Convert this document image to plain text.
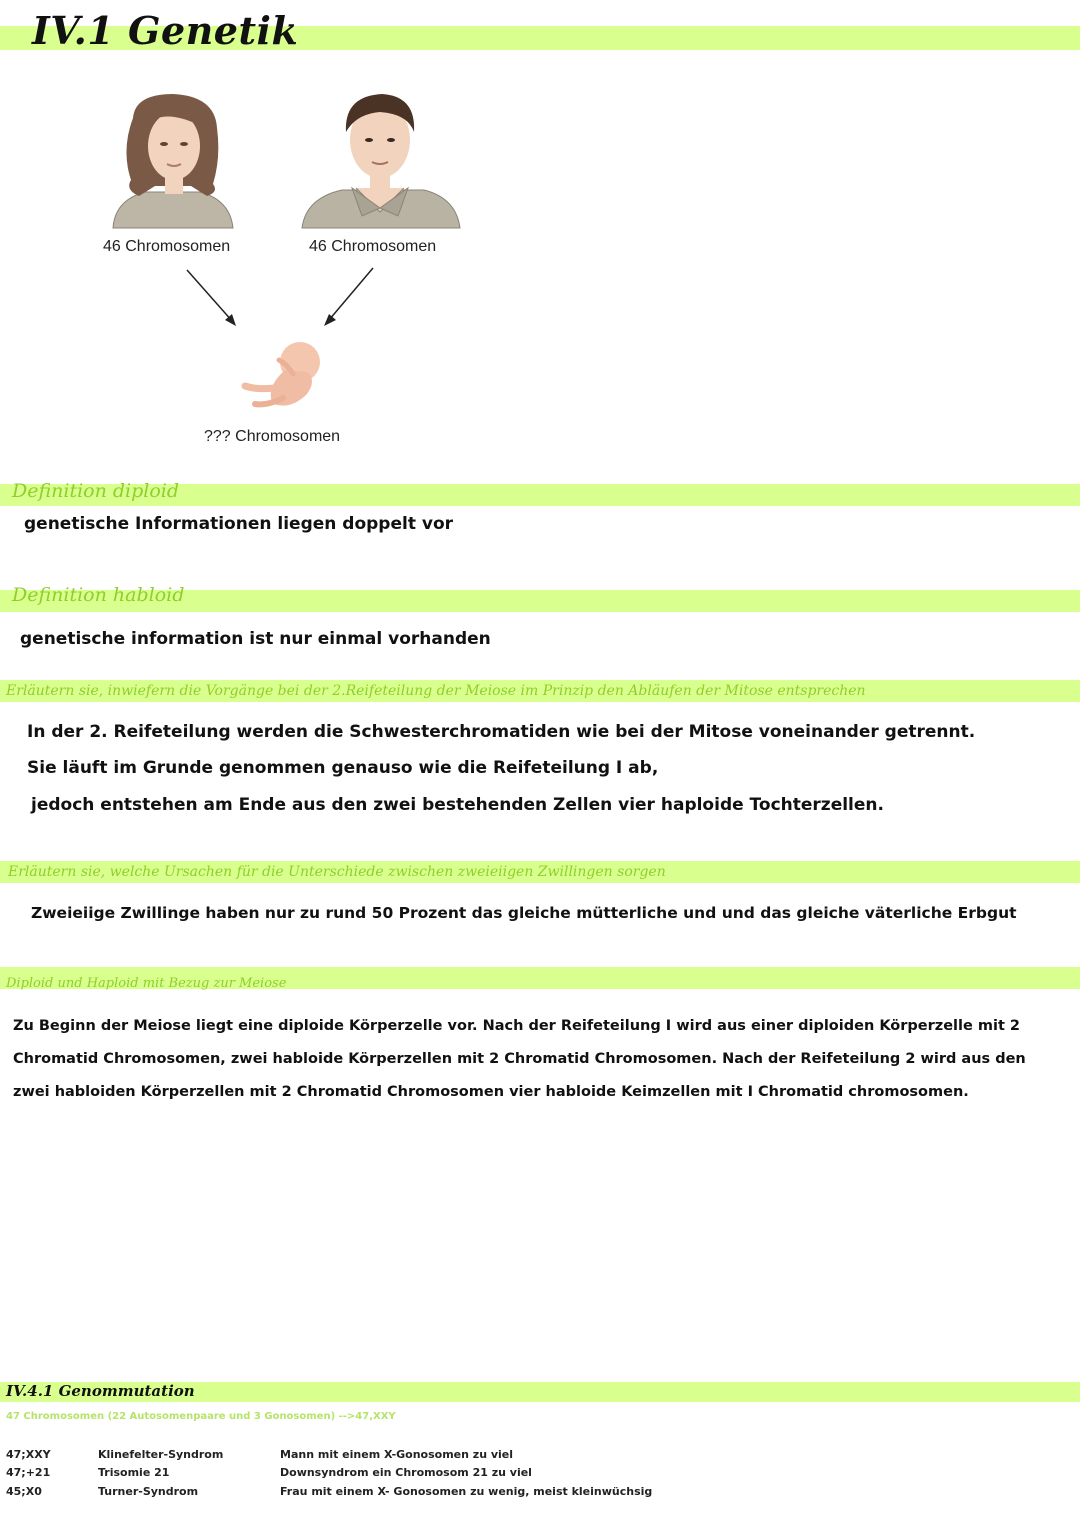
IV.1 Genetik
46 Chromosomen	46 Chromosomen
??? Chromosomen
Definition diploid
genetische Informationen liegen doppelt vor
Definition habloid
genetische information ist nur einmal vorhanden
Erläutern sie, inwiefern die Vorgänge bei der 2.Reifeteilung der Meiose im Prinzip den Abläufen der Mitose entsprechen
In der 2. Reifeteilung werden die Schwesterchromatiden wie bei der Mitose voneinander getrennt.
Sie läuft im Grunde genommen genauso wie die Reifeteilung I ab,
jedoch entstehen am Ende aus den zwei bestehenden Zellen vier haploide Tochterzellen.
Erläutern sie, welche Ursachen für die Unterschiede zwischen zweieiigen Zwillingen sorgen
Zweieiige Zwillinge haben nur zu rund 50 Prozent das gleiche mütterliche und und das gleiche väterliche Erbgut
Diploid und Haploid mit Bezug zur Meiose
Zu Beginn der Meiose liegt eine diploide Körperzelle vor. Nach der Reifeteilung I wird aus einer diploiden Körperzelle mit 2
Chromatid Chromosomen, zwei habloide Körperzellen mit 2 Chromatid Chromosomen. Nach der Reifeteilung 2 wird aus den
zwei habloiden Körperzellen mit 2 Chromatid Chromosomen vier habloide Keimzellen mit I Chromatid chromosomen.
IV.4.1 Genommutation
47 Chromosomen (22 Autosomenpaare und 3 Gonosomen) -->47,XXY
47;XXY	Klinefelter-Syndrom	Mann mit einem X-Gonosomen zu viel
47;+21	Trisomie 21	Downsyndrom ein Chromosom 21 zu viel
45;X0	Turner-Syndrom	Frau mit einem X- Gonosomen zu wenig, meist kleinwüchsig
